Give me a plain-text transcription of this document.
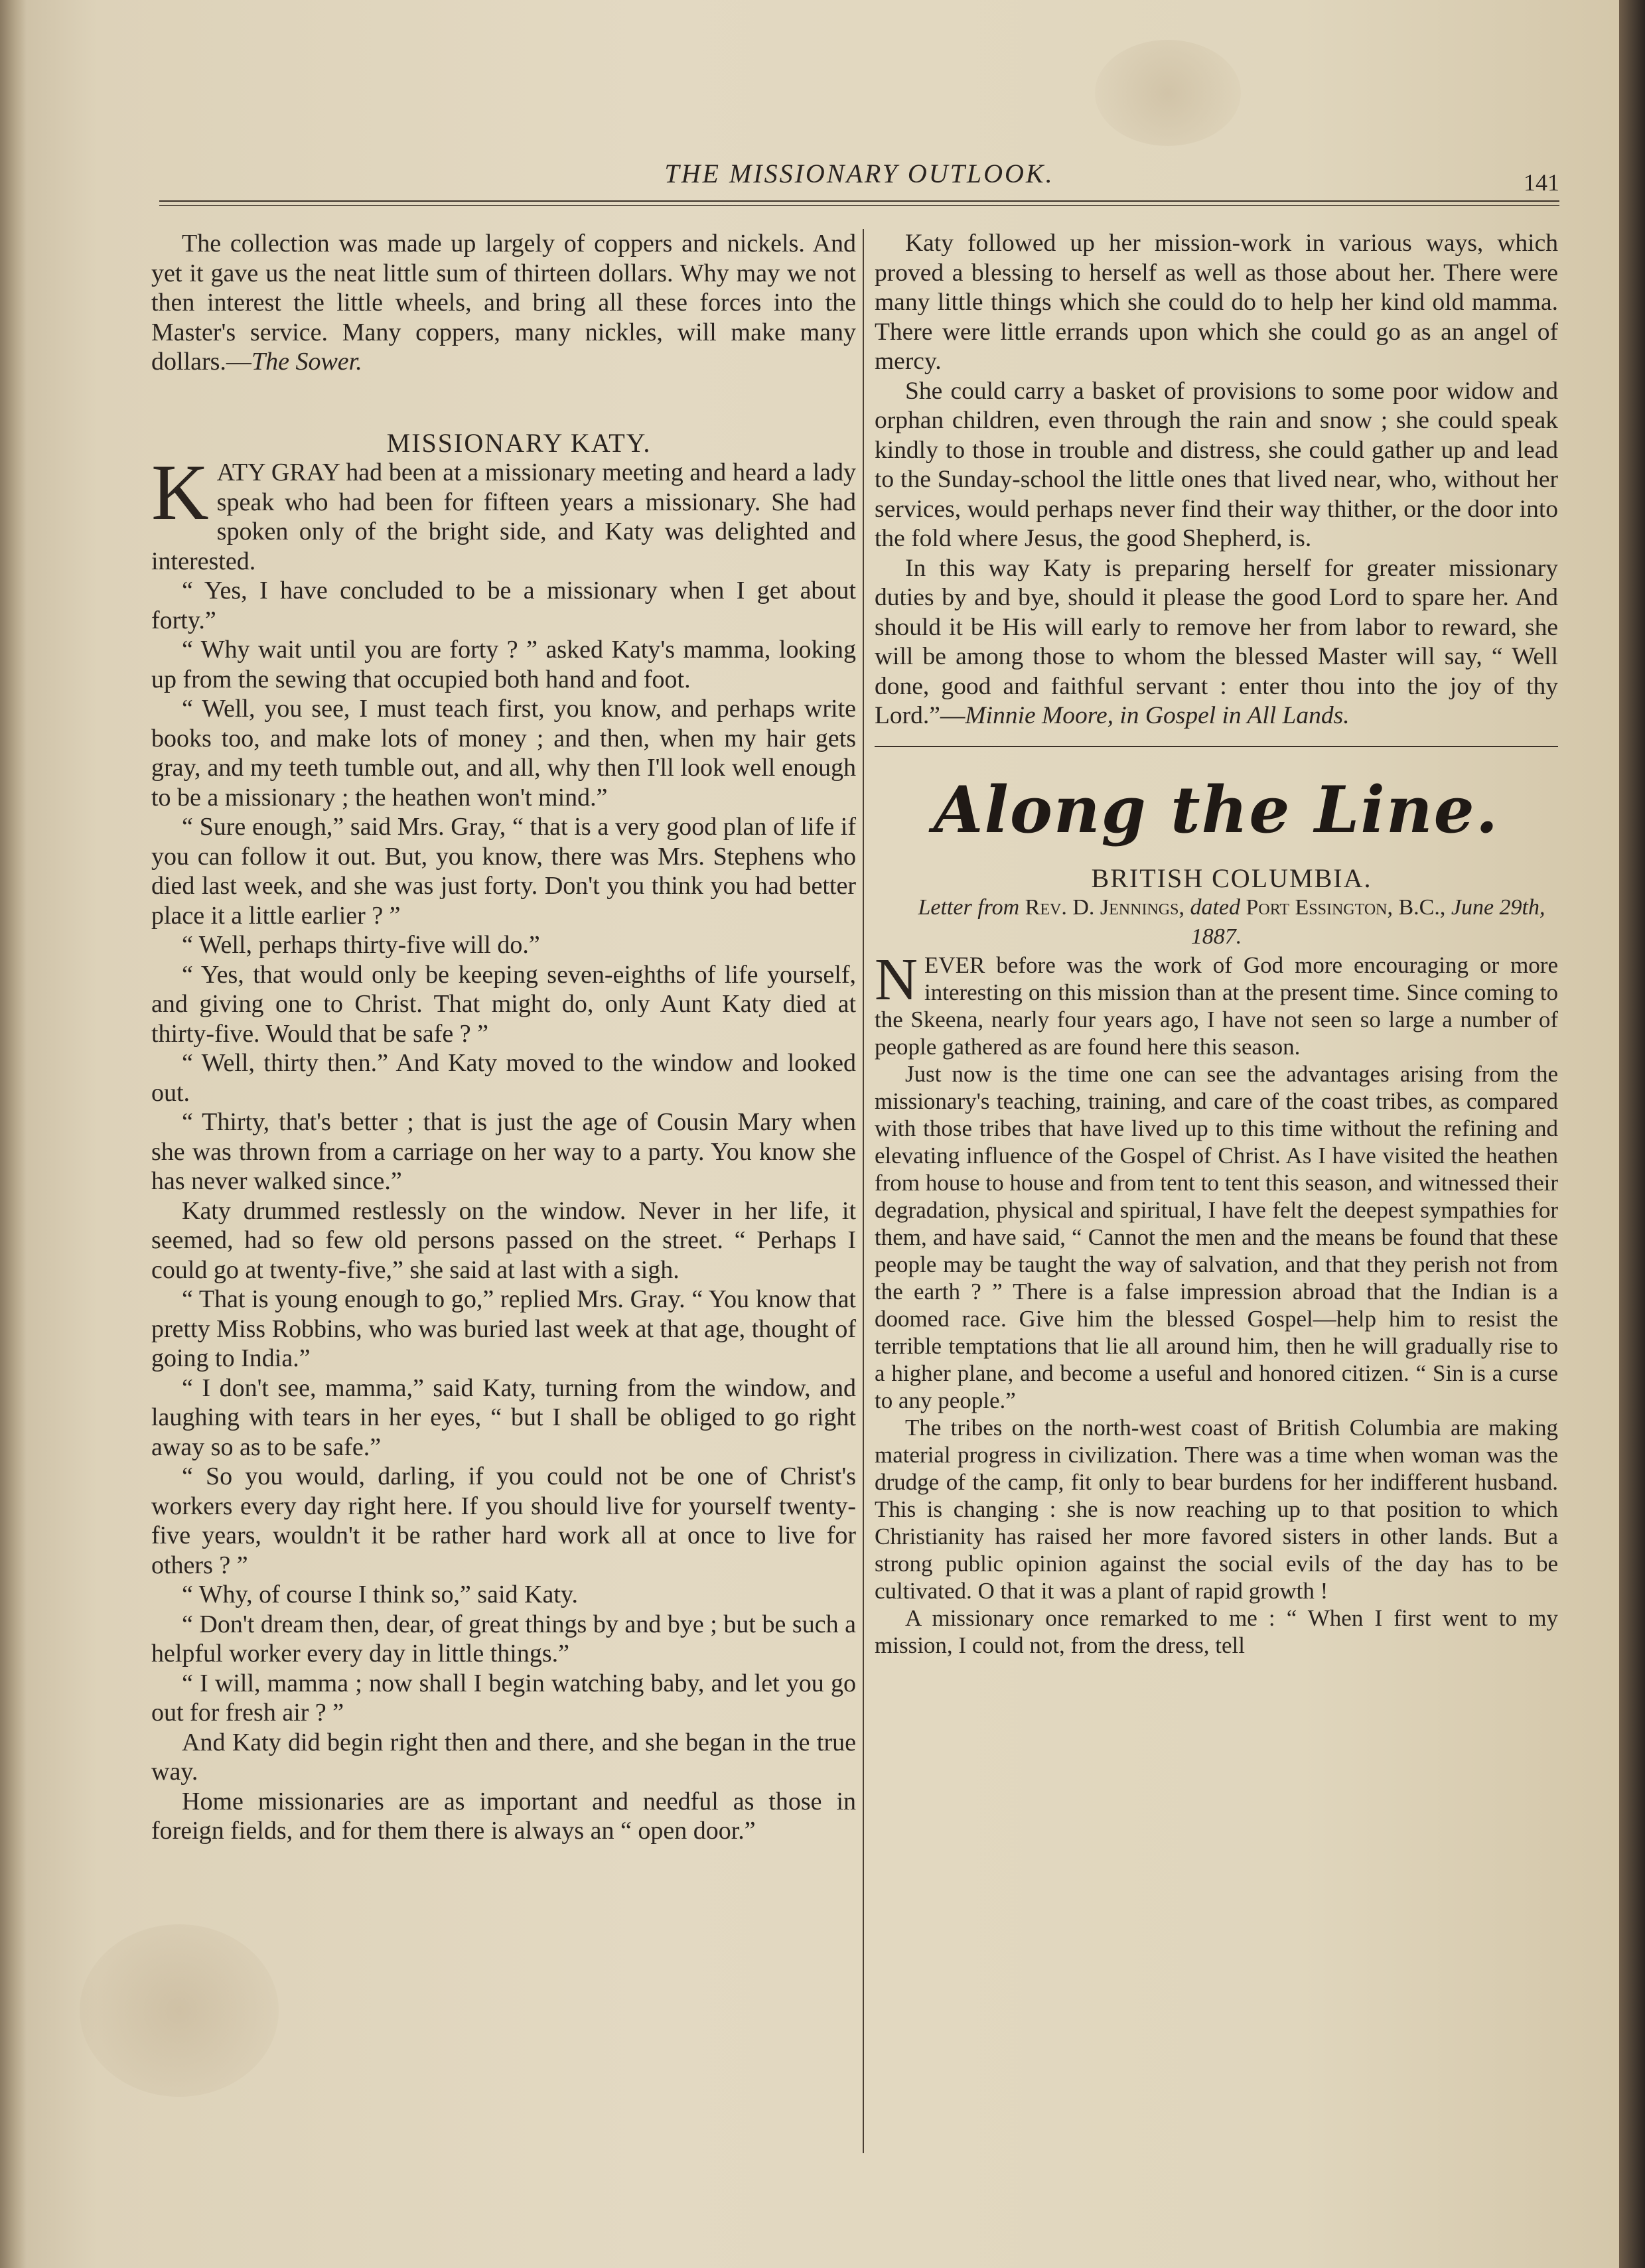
THE MISSIONARY OUTLOOK.	141

The collection was made up largely of coppers and nickels. And yet it gave us the neat little sum of thirteen dollars. Why may we not then interest the little wheels, and bring all these forces into the Master's service. Many coppers, many nickles, will make many dollars.—The Sower.

MISSIONARY KATY.

KATY GRAY had been at a missionary meeting and heard a lady speak who had been for fifteen years a missionary. She had spoken only of the bright side, and Katy was delighted and interested.

“ Yes, I have concluded to be a missionary when I get about forty.”

“ Why wait until you are forty ? ” asked Katy's mamma, looking up from the sewing that occupied both hand and foot.

“ Well, you see, I must teach first, you know, and perhaps write books too, and make lots of money ; and then, when my hair gets gray, and my teeth tumble out, and all, why then I'll look well enough to be a missionary ; the heathen won't mind.”

“ Sure enough,” said Mrs. Gray, “ that is a very good plan of life if you can follow it out. But, you know, there was Mrs. Stephens who died last week, and she was just forty. Don't you think you had better place it a little earlier ? ”

“ Well, perhaps thirty-five will do.”

“ Yes, that would only be keeping seven-eighths of life yourself, and giving one to Christ. That might do, only Aunt Katy died at thirty-five. Would that be safe ? ”

“ Well, thirty then.” And Katy moved to the window and looked out.

“ Thirty, that's better ; that is just the age of Cousin Mary when she was thrown from a carriage on her way to a party. You know she has never walked since.”

Katy drummed restlessly on the window. Never in her life, it seemed, had so few old persons passed on the street. “ Perhaps I could go at twenty-five,” she said at last with a sigh.

“ That is young enough to go,” replied Mrs. Gray. “ You know that pretty Miss Robbins, who was buried last week at that age, thought of going to India.”

“ I don't see, mamma,” said Katy, turning from the window, and laughing with tears in her eyes, “ but I shall be obliged to go right away so as to be safe.”

“ So you would, darling, if you could not be one of Christ's workers every day right here. If you should live for yourself twenty-five years, wouldn't it be rather hard work all at once to live for others ? ”

“ Why, of course I think so,” said Katy.

“ Don't dream then, dear, of great things by and bye ; but be such a helpful worker every day in little things.”

“ I will, mamma ; now shall I begin watching baby, and let you go out for fresh air ? ”

And Katy did begin right then and there, and she began in the true way.

Home missionaries are as important and needful as those in foreign fields, and for them there is always an “ open door.”

Katy followed up her mission-work in various ways, which proved a blessing to herself as well as those about her. There were many little things which she could do to help her kind old mamma. There were little errands upon which she could go as an angel of mercy.

She could carry a basket of provisions to some poor widow and orphan children, even through the rain and snow ; she could speak kindly to those in trouble and distress, she could gather up and lead to the Sunday-school the little ones that lived near, who, without her services, would perhaps never find their way thither, or the door into the fold where Jesus, the good Shepherd, is.

In this way Katy is preparing herself for greater missionary duties by and bye, should it please the good Lord to spare her. And should it be His will early to remove her from labor to reward, she will be among those to whom the blessed Master will say, “ Well done, good and faithful servant : enter thou into the joy of thy Lord.”—Minnie Moore, in Gospel in All Lands.

Along the Line.

BRITISH COLUMBIA.

Letter from Rev. D. Jennings, dated Port Essington, B.C., June 29th, 1887.

NEVER before was the work of God more encouraging or more interesting on this mission than at the present time. Since coming to the Skeena, nearly four years ago, I have not seen so large a number of people gathered as are found here this season.

Just now is the time one can see the advantages arising from the missionary's teaching, training, and care of the coast tribes, as compared with those tribes that have lived up to this time without the refining and elevating influence of the Gospel of Christ. As I have visited the heathen from house to house and from tent to tent this season, and witnessed their degradation, physical and spiritual, I have felt the deepest sympathies for them, and have said, “ Cannot the men and the means be found that these people may be taught the way of salvation, and that they perish not from the earth ? ” There is a false impression abroad that the Indian is a doomed race. Give him the blessed Gospel—help him to resist the terrible temptations that lie all around him, then he will gradually rise to a higher plane, and become a useful and honored citizen. “ Sin is a curse to any people.”

The tribes on the north-west coast of British Columbia are making material progress in civilization. There was a time when woman was the drudge of the camp, fit only to bear burdens for her indifferent husband. This is changing : she is now reaching up to that position to which Christianity has raised her more favored sisters in other lands. But a strong public opinion against the social evils of the day has to be cultivated. O that it was a plant of rapid growth !

A missionary once remarked to me : “ When I first went to my mission, I could not, from the dress, tell
